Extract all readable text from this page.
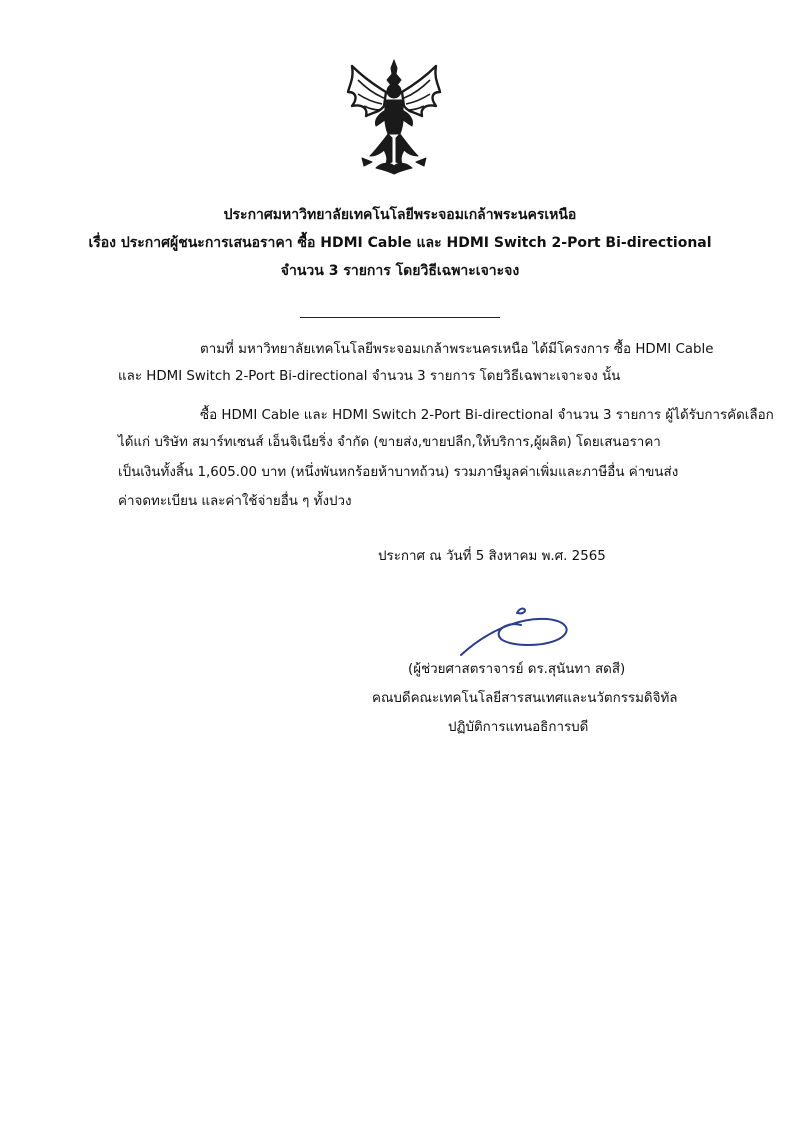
ประกาศมหาวิทยาลัยเทคโนโลยีพระจอมเกล้าพระนครเหนือ
เรื่อง ประกาศผู้ชนะการเสนอราคา ซื้อ HDMI Cable และ HDMI Switch 2-Port Bi-directional
จำนวน 3 รายการ โดยวิธีเฉพาะเจาะจง
ตามที่ มหาวิทยาลัยเทคโนโลยีพระจอมเกล้าพระนครเหนือ ได้มีโครงการ ซื้อ HDMI Cable
และ HDMI Switch 2-Port Bi-directional จำนวน 3 รายการ โดยวิธีเฉพาะเจาะจง นั้น
ซื้อ HDMI Cable และ HDMI Switch 2-Port Bi-directional จำนวน 3 รายการ ผู้ได้รับการคัดเลือก
ได้แก่ บริษัท สมาร์ทเซนส์ เอ็นจิเนียริ่ง จำกัด (ขายส่ง,ขายปลีก,ให้บริการ,ผู้ผลิต) โดยเสนอราคา
เป็นเงินทั้งสิ้น 1,605.00 บาท (หนึ่งพันหกร้อยห้าบาทถ้วน) รวมภาษีมูลค่าเพิ่มและภาษีอื่น ค่าขนส่ง
ค่าจดทะเบียน และค่าใช้จ่ายอื่น ๆ ทั้งปวง
ประกาศ ณ วันที่ 5 สิงหาคม พ.ศ. 2565
(ผู้ช่วยศาสตราจารย์ ดร.สุนันทา สดสี)
คณบดีคณะเทคโนโลยีสารสนเทศและนวัตกรรมดิจิทัล
ปฏิบัติการแทนอธิการบดี
